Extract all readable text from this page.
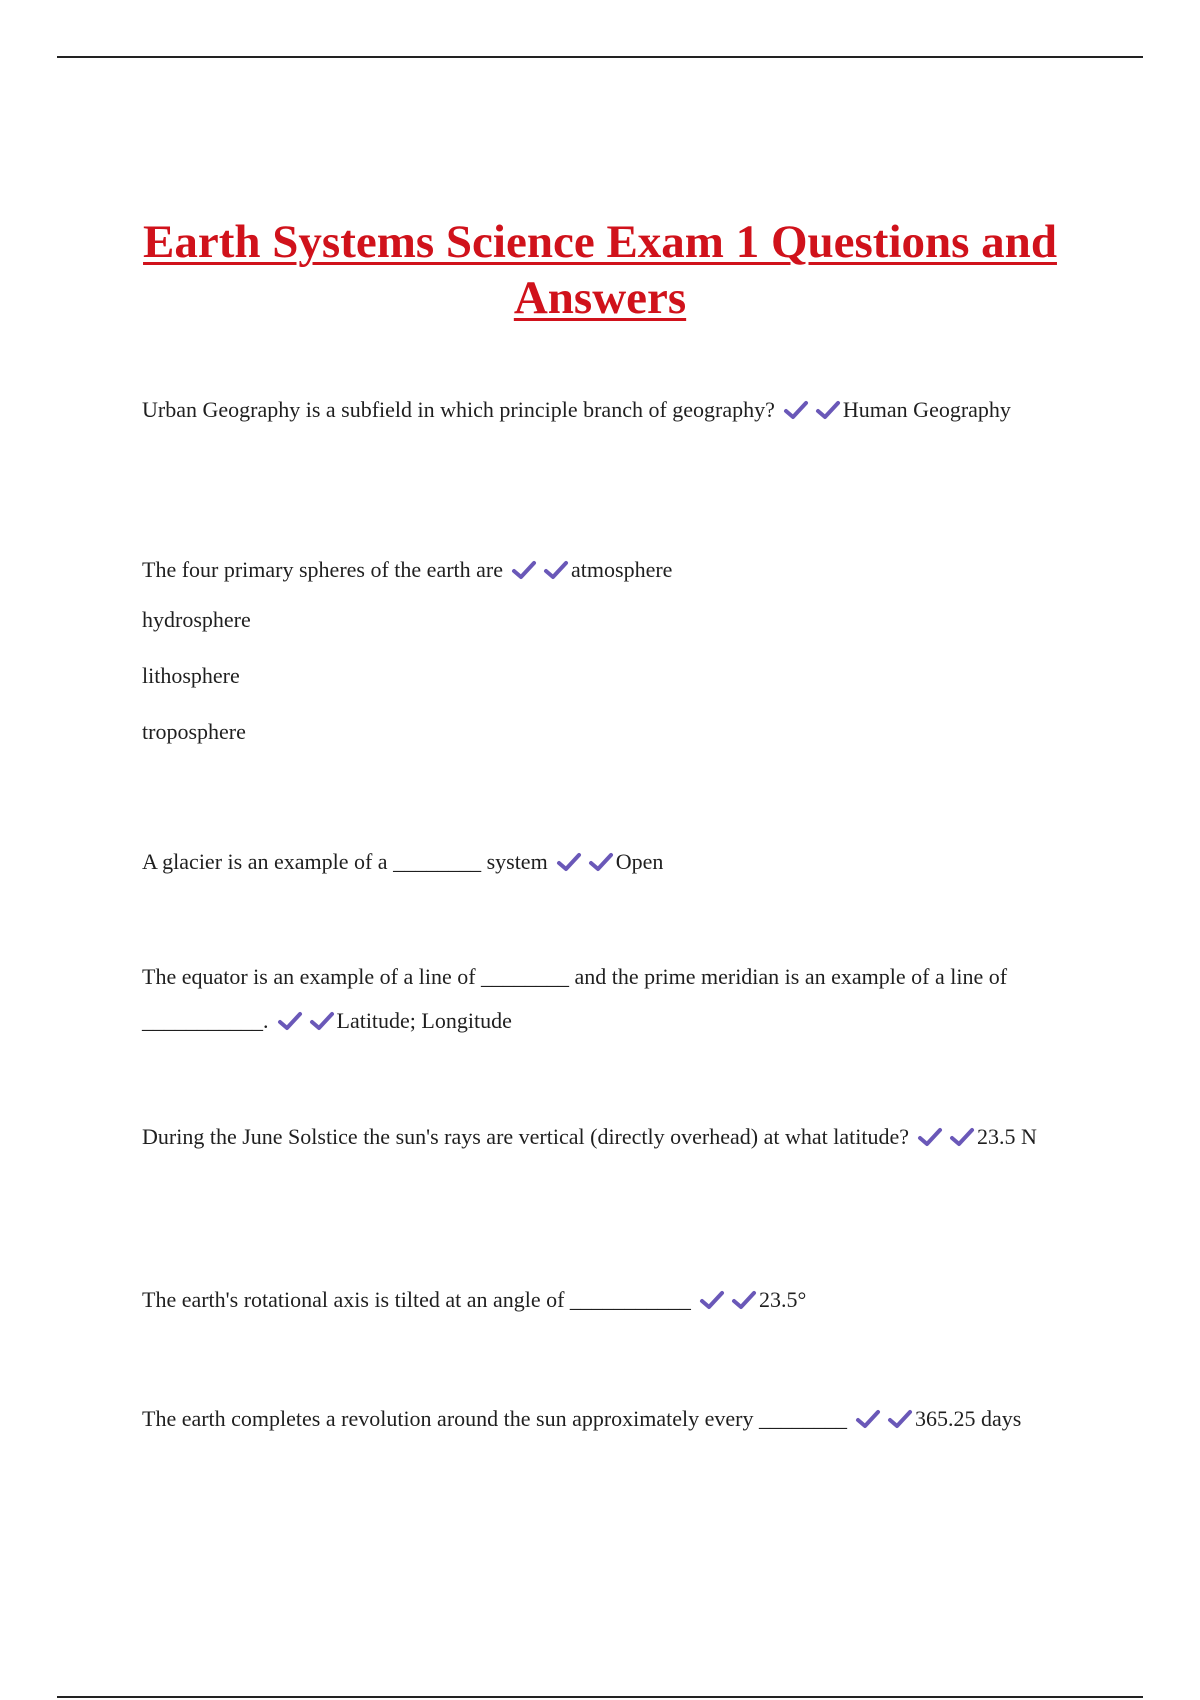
Earth Systems Science Exam 1 Questions and Answers

Urban Geography is a subfield in which principle branch of geography?	Human Geography

The four primary spheres of the earth are	atmosphere
hydrosphere
lithosphere
troposphere

A glacier is an example of a ________ system	Open

The equator is an example of a line of ________ and the prime meridian is an example of a line of ___________.	Latitude; Longitude

During the June Solstice the sun's rays are vertical (directly overhead) at what latitude?	23.5 N

The earth's rotational axis is tilted at an angle of ___________	23.5°

The earth completes a revolution around the sun approximately every ________	365.25 days
